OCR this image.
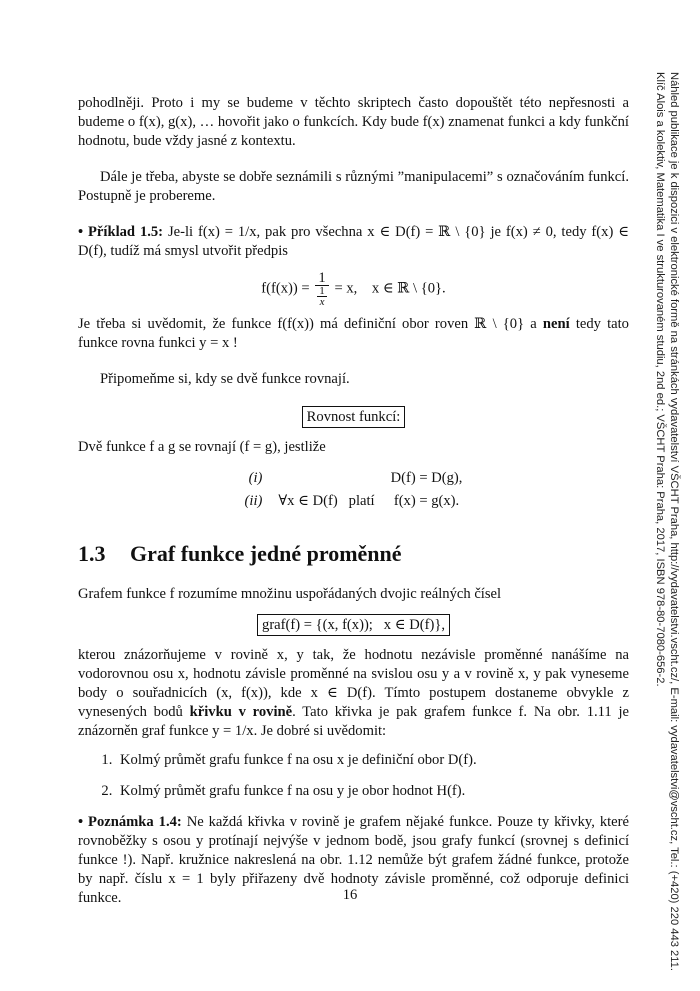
Náhled publikace je k dispozici v elektronické formě na stránkách vydavatelství VŠCHT Praha, http://vydavatelstvi.vscht.cz/, E-mail: vydavatelstvi@vscht.cz, Tel.: (+420) 220 443 211.
Klíč Alois a kolektiv, Matematika I ve strukturovaném studiu, 2nd ed.; VŠCHT Praha: Praha, 2017, ISBN 978-80-7080-656-2.

pohodlněji. Proto i my se budeme v těchto skriptech často dopouštět této nepřesnosti a budeme o f(x), g(x), … hovořit jako o funkcích. Kdy bude f(x) znamenat funkci a kdy funkční hodnotu, bude vždy jasné z kontextu.

Dále je třeba, abyste se dobře seznámili s různými ”manipulacemi” s označováním funkcí. Postupně je probereme.

• Příklad 1.5: Je-li f(x) = 1/x, pak pro všechna x ∈ D(f) = ℝ \ {0} je f(x) ≠ 0, tedy f(x) ∈ D(f), tudíž má smysl utvořit předpis

$f(f(x)) = \frac{1}{\frac{1}{x}} = x$,    x ∈ ℝ \ {0}.

Je třeba si uvědomit, že funkce f(f(x)) má definiční obor roven ℝ \ {0} a není tedy tato funkce rovna funkci y = x !

Připomeňme si, kdy se dvě funkce rovnají.

Rovnost funkcí:

Dvě funkce f a g se rovnají (f = g), jestliže

(i)		D(f) = D(g),
(ii)	∀x ∈ D(f)   platí	f(x) = g(x).
1.3 Graf funkce jedné proměnné

Grafem funkce f rozumíme množinu uspořádaných dvojic reálných čísel

graf(f) = {(x, f(x));   x ∈ D(f)},

kterou znázorňujeme v rovině x, y tak, že hodnotu nezávisle proměnné nanášíme na vodorovnou osu x, hodnotu závisle proměnné na svislou osu y a v rovině x, y pak vyneseme body o souřadnicích (x, f(x)), kde x ∈ D(f). Tímto postupem dostaneme obvykle z vynesených bodů křivku v rovině. Tato křivka je pak grafem funkce f. Na obr. 1.11 je znázorněn graf funkce y = 1/x. Je dobré si uvědomit:

1. Kolmý průmět grafu funkce f na osu x je definiční obor D(f).
2. Kolmý průmět grafu funkce f na osu y je obor hodnot H(f).

• Poznámka 1.4: Ne každá křivka v rovině je grafem nějaké funkce. Pouze ty křivky, které rovnoběžky s osou y protínají nejvýše v jednom bodě, jsou grafy funkcí (srovnej s definicí funkce !). Např. kružnice nakreslená na obr. 1.12 nemůže být grafem žádné funkce, protože by např. číslu x = 1 byly přiřazeny dvě hodnoty závisle proměnné, což odporuje definici funkce.	16
